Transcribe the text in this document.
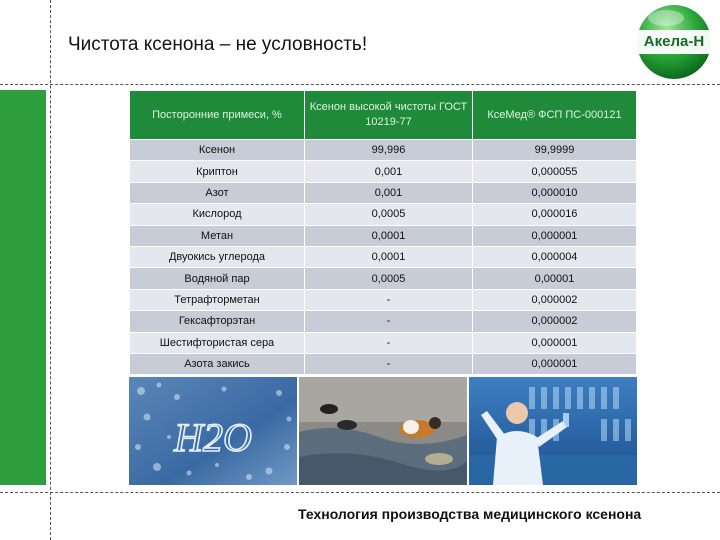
Чистота ксенона – не условность!	Акела-Н
Посторонние примеси, %	Ксенон высокой чистоты ГОСТ 10219-77	КсеМед® ФСП ПС-000121
Ксенон	99,996	99,9999
Криптон	0,001	0,000055
Азот	0,001	0,000010
Кислород	0,0005	0,000016
Метан	0,0001	0,000001
Двуокись углерода	0,0001	0,000004
Водяной пар	0,0005	0,00001
Тетрафторметан	-	0,000002
Гексафторэтан	-	0,000002
Шестифтористая сера	-	0,000001
Азота закись	-	0,000001
H2O
Технология производства медицинского ксенона
